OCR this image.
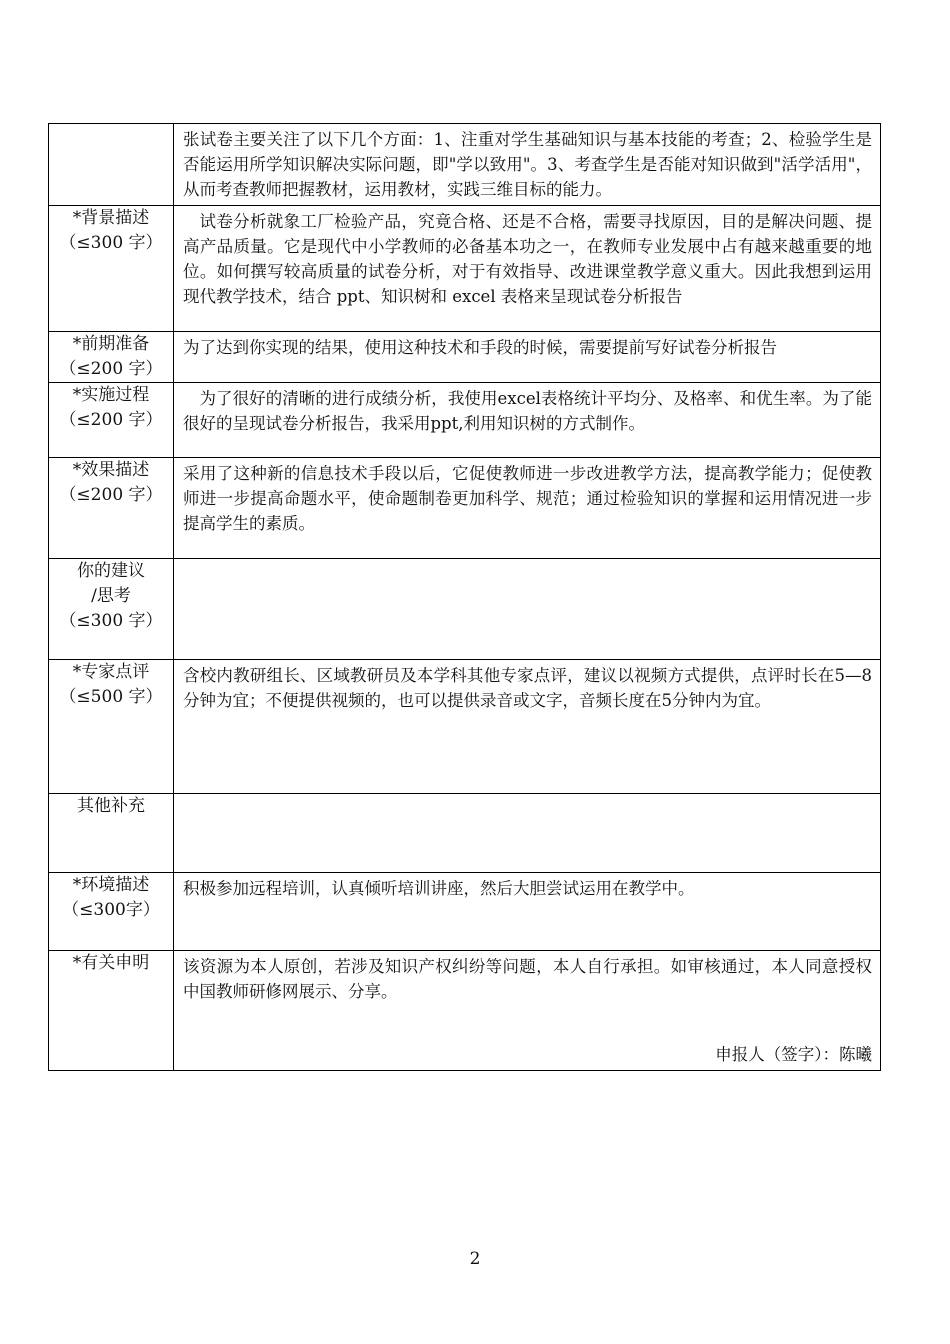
	张试卷主要关注了以下几个方面：1、注重对学生基础知识与基本技能的考查；2、检验学生是否能运用所学知识解决实际问题，即"学以致用"。3、考查学生是否能对知识做到"活学活用"，从而考查教师把握教材，运用教材，实践三维目标的能力。

*背景描述
（≤300 字）	试卷分析就象工厂检验产品，究竟合格、还是不合格，需要寻找原因，目的是解决问题、提高产品质量。它是现代中小学教师的必备基本功之一，在教师专业发展中占有越来越重要的地位。如何撰写较高质量的试卷分析，对于有效指导、改进课堂教学意义重大。因此我想到运用现代教学技术，结合 ppt、知识树和 excel 表格来呈现试卷分析报告

*前期准备
（≤200 字）	为了达到你实现的结果，使用这种技术和手段的时候，需要提前写好试卷分析报告

*实施过程
（≤200 字）	为了很好的清晰的进行成绩分析，我使用excel表格统计平均分、及格率、和优生率。为了能很好的呈现试卷分析报告，我采用ppt,利用知识树的方式制作。

*效果描述
（≤200 字）	采用了这种新的信息技术手段以后，它促使教师进一步改进教学方法，提高教学能力；促使教师进一步提高命题水平，使命题制卷更加科学、规范；通过检验知识的掌握和运用情况进一步提高学生的素质。

你的建议
/思考
（≤300 字）	

*专家点评
（≤500 字）	含校内教研组长、区域教研员及本学科其他专家点评，建议以视频方式提供，点评时长在5—8分钟为宜；不便提供视频的，也可以提供录音或文字，音频长度在5分钟内为宜。

其他补充	

*环境描述
（≤300字）	积极参加远程培训，认真倾听培训讲座，然后大胆尝试运用在教学中。

*有关申明	该资源为本人原创，若涉及知识产权纠纷等问题，本人自行承担。如审核通过，本人同意授权中国教师研修网展示、分享。
申报人（签字）：陈曦
2
